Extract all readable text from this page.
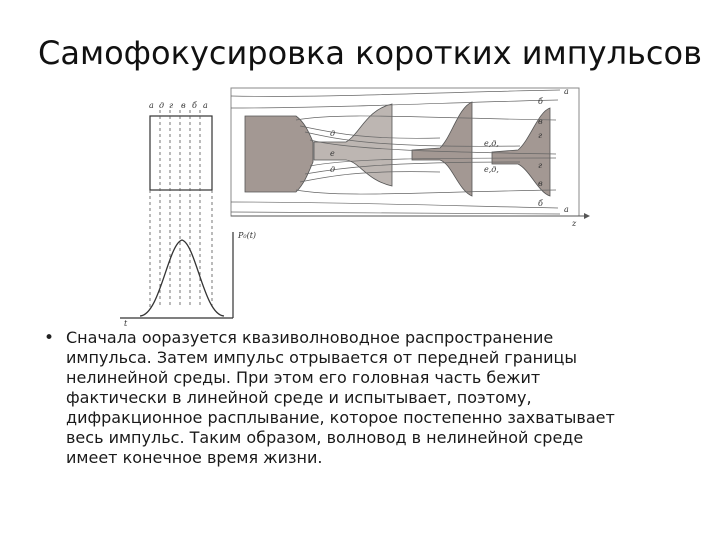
Самофокусировка коротких импульсов
а д г в б а
а
б
в
г
е,д,
е,д,	г
в
б
а
д
е
д
z
t
P₀(t)
• Сначала ооразуется квазиволноводное распространение
импульса. Затем импульс отрывается от передней границы
нелинейной среды. При этом его головная часть бежит
фактически в линейной среде и испытывает, поэтому,
дифракционное расплывание, которое постепенно захватывает
весь импульс. Таким образом, волновод в нелинейной среде
имеет конечное время жизни.
